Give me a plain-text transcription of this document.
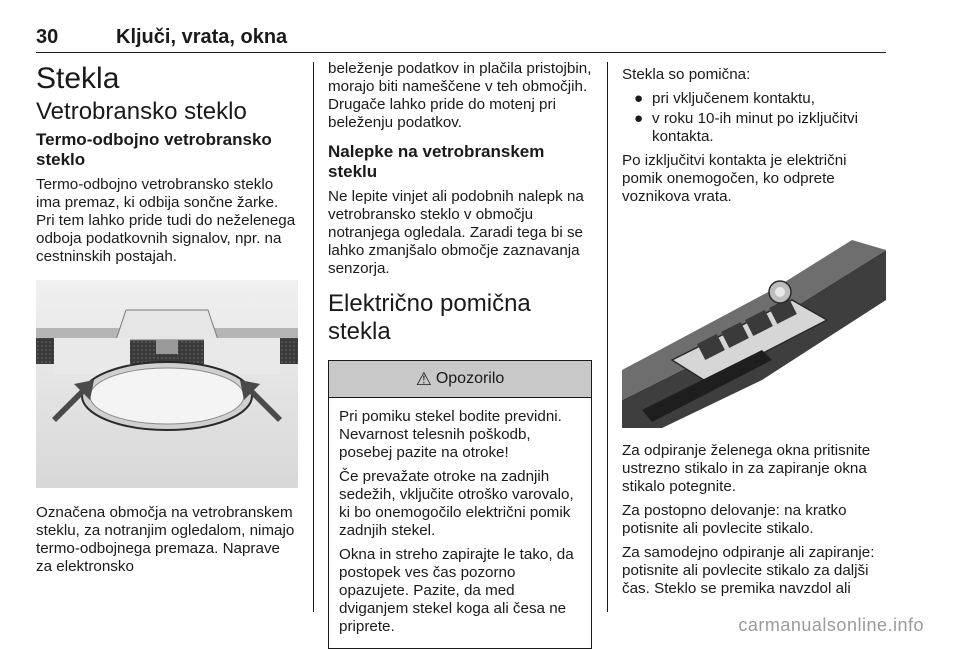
30	Ključi, vrata, okna
Stekla
Vetrobransko steklo
Termo-odbojno vetrobransko steklo

Termo-odbojno vetrobransko steklo ima premaz, ki odbija sončne žarke. Pri tem lahko pride tudi do neželenega odboja podatkovnih signalov, npr. na cestninskih postajah.

Označena območja na vetrobranskem steklu, za notranjim ogledalom, nimajo termo-odbojnega premaza. Naprave za elektronsko

beleženje podatkov in plačila pristojbin, morajo biti nameščene v teh območjih. Drugače lahko pride do motenj pri beleženju podatkov.

Nalepke na vetrobranskem steklu

Ne lepite vinjet ali podobnih nalepk na vetrobransko steklo v območju notranjega ogledala. Zaradi tega bi se lahko zmanjšalo območje zaznavanja senzorja.

Električno pomična stekla
⚠ Opozorilo

Pri pomiku stekel bodite previdni. Nevarnost telesnih poškodb, posebej pazite na otroke!

Če prevažate otroke na zadnjih sedežih, vključite otroško varovalo, ki bo onemogočilo električni pomik zadnjih stekel.

Okna in streho zapirajte le tako, da postopek ves čas pozorno opazujete. Pazite, da med dviganjem stekel koga ali česa ne priprete.

Stekla so pomična:

● pri vključenem kontaktu,
● v roku 10-ih minut po izključitvi kontakta.

Po izključitvi kontakta je električni pomik onemogočen, ko odprete voznikova vrata.

Za odpiranje želenega okna pritisnite ustrezno stikalo in za zapiranje okna stikalo potegnite.

Za postopno delovanje: na kratko potisnite ali povlecite stikalo.

Za samodejno odpiranje ali zapiranje: potisnite ali povlecite stikalo za daljši čas. Steklo se premika navzdol ali

carmanualsonline.info
